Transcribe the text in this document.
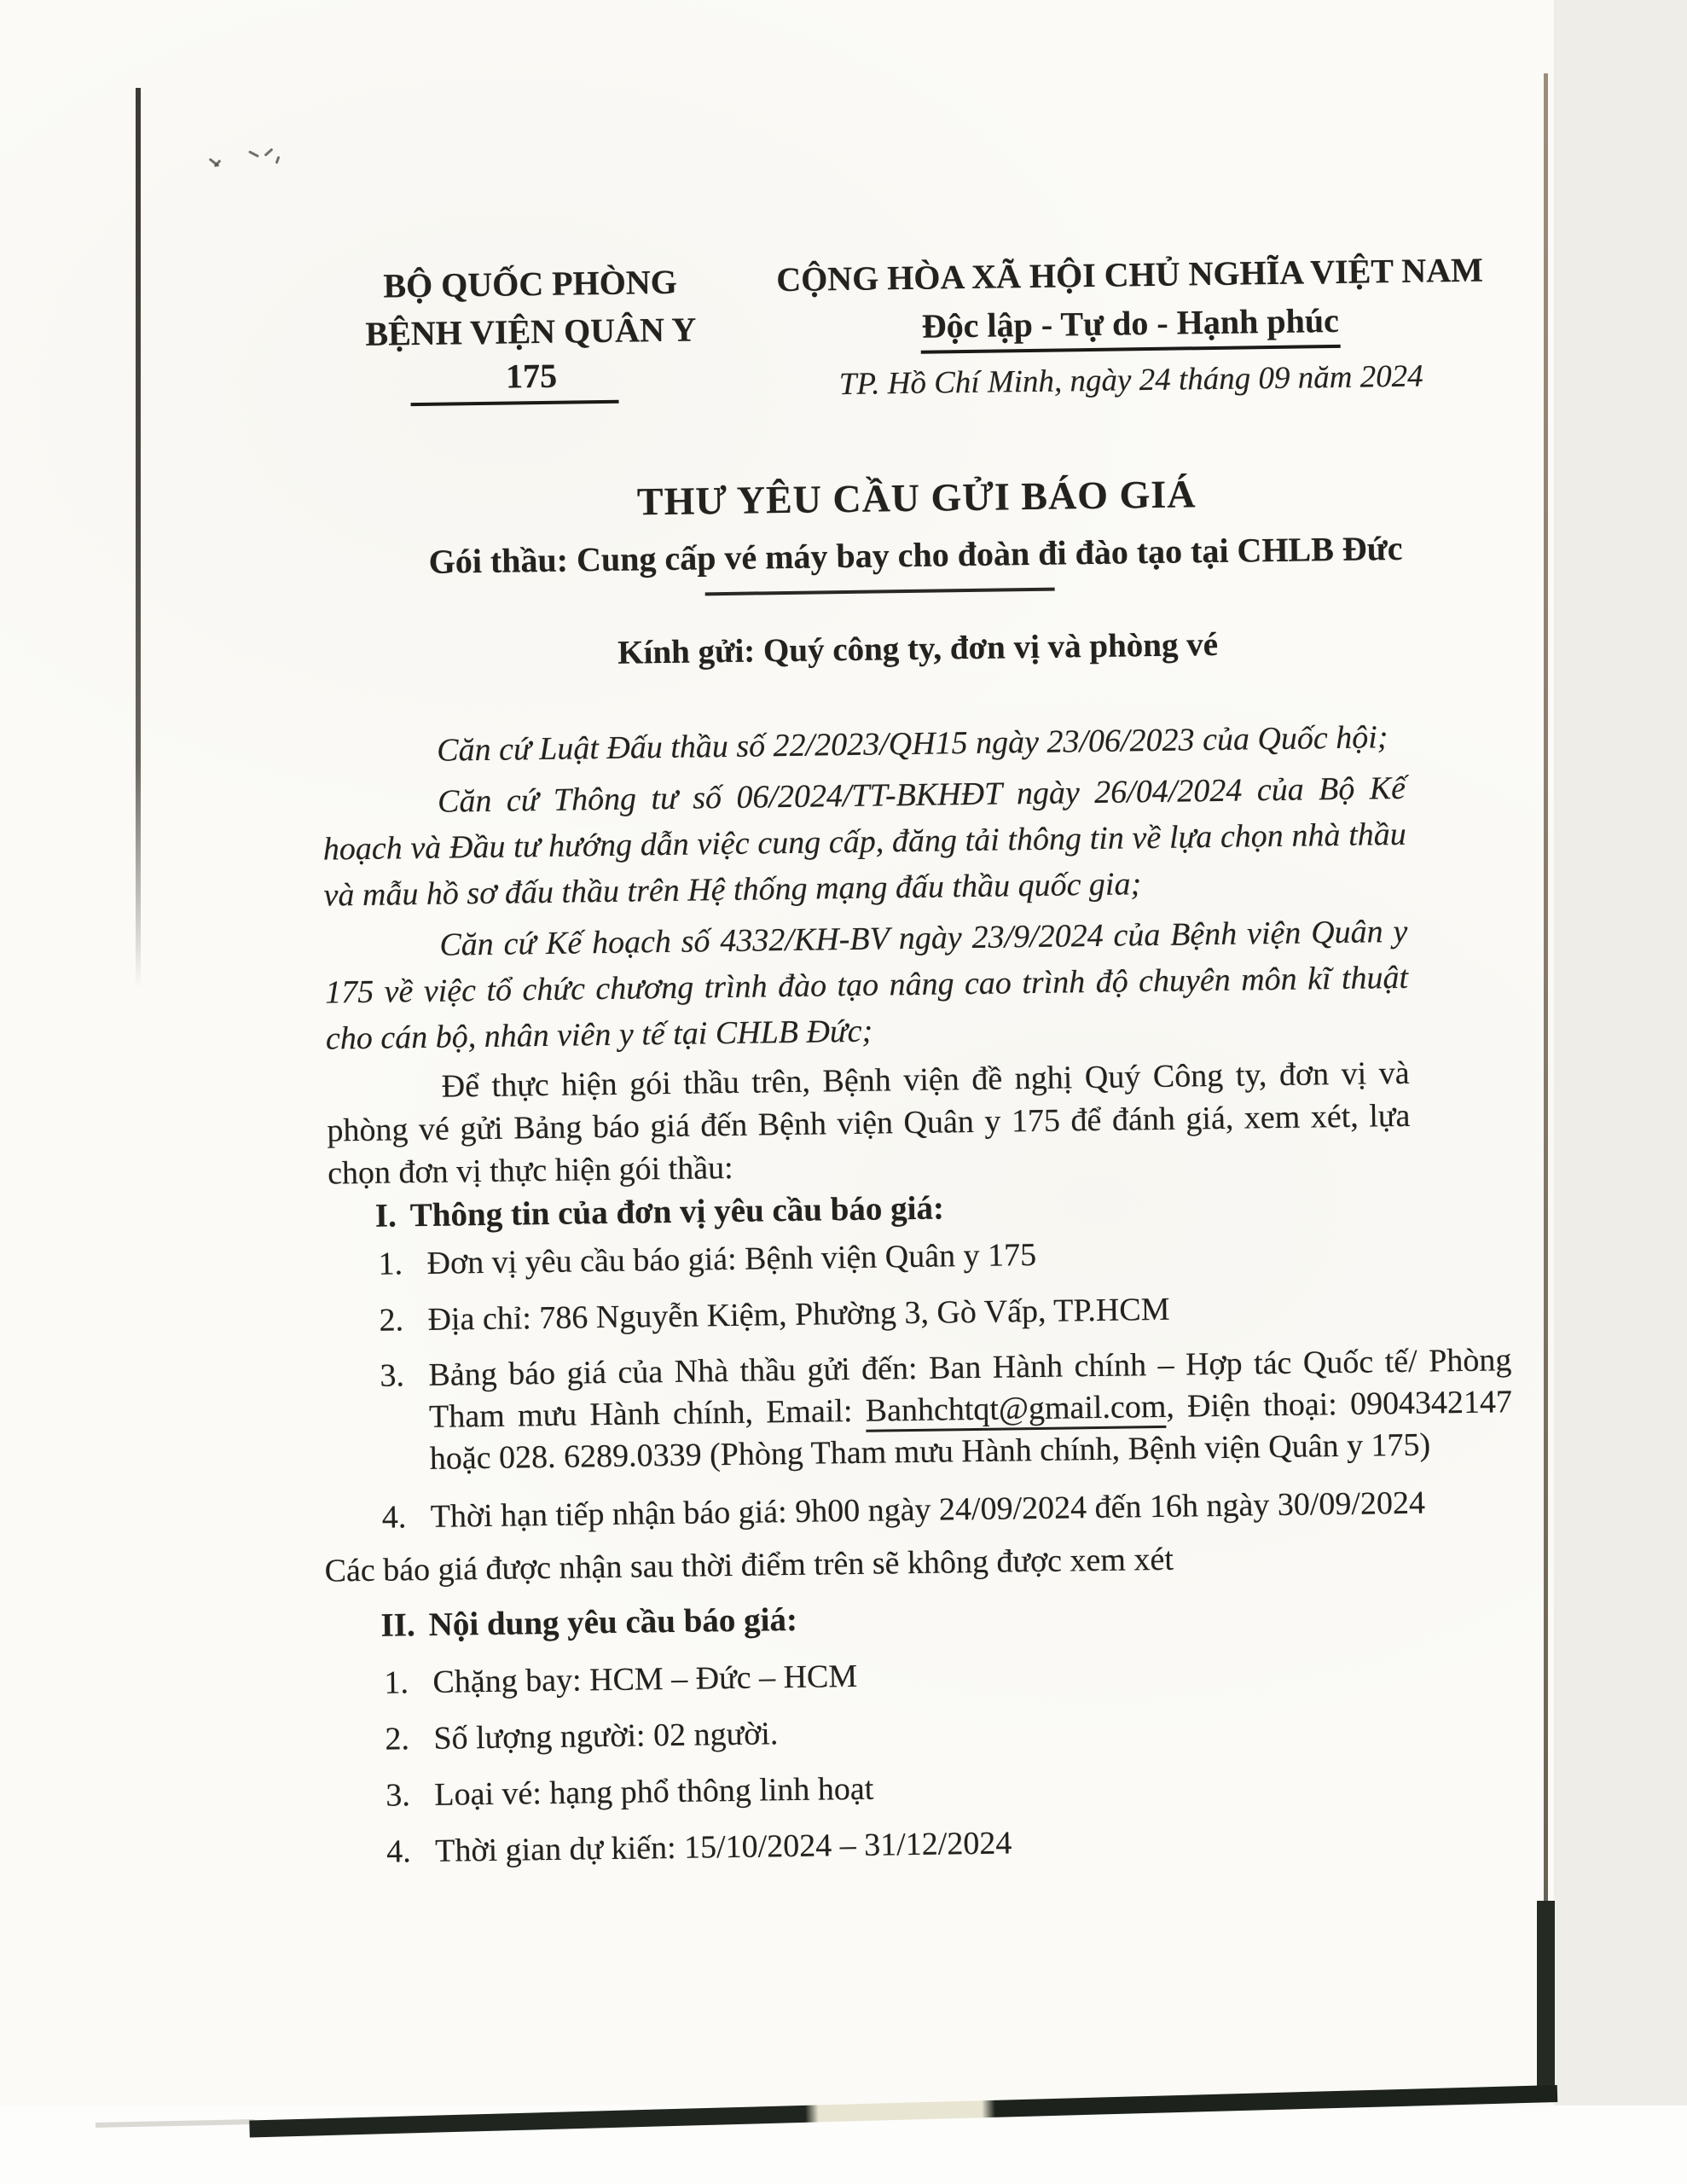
BỘ QUỐC PHÒNG
BỆNH VIỆN QUÂN Y 175
CỘNG HÒA XÃ HỘI CHỦ NGHĨA VIỆT NAM
Độc lập - Tự do - Hạnh phúc
TP. Hồ Chí Minh, ngày 24 tháng 09 năm 2024
THƯ YÊU CẦU GỬI BÁO GIÁ
Gói thầu: Cung cấp vé máy bay cho đoàn đi đào tạo tại CHLB Đức
Kính gửi: Quý công ty, đơn vị và phòng vé

Căn cứ Luật Đấu thầu số 22/2023/QH15 ngày 23/06/2023 của Quốc hội;

Căn cứ Thông tư số 06/2024/TT-BKHĐT ngày 26/04/2024 của Bộ Kế hoạch và Đầu tư hướng dẫn việc cung cấp, đăng tải thông tin về lựa chọn nhà thầu và mẫu hồ sơ đấu thầu trên Hệ thống mạng đấu thầu quốc gia;

Căn cứ Kế hoạch số 4332/KH-BV ngày 23/9/2024 của Bệnh viện Quân y 175 về việc tổ chức chương trình đào tạo nâng cao trình độ chuyên môn kĩ thuật cho cán bộ, nhân viên y tế tại CHLB Đức;

Để thực hiện gói thầu trên, Bệnh viện đề nghị Quý Công ty, đơn vị và phòng vé gửi Bảng báo giá đến Bệnh viện Quân y 175 để đánh giá, xem xét, lựa chọn đơn vị thực hiện gói thầu:
I. Thông tin của đơn vị yêu cầu báo giá:
1. Đơn vị yêu cầu báo giá: Bệnh viện Quân y 175
2. Địa chỉ: 786 Nguyễn Kiệm, Phường 3, Gò Vấp, TP.HCM
3. Bảng báo giá của Nhà thầu gửi đến: Ban Hành chính – Hợp tác Quốc tế/ Phòng Tham mưu Hành chính, Email: Banhchtqt@gmail.com, Điện thoại: 0904342147 hoặc 028. 6289.0339 (Phòng Tham mưu Hành chính, Bệnh viện Quân y 175)
4. Thời hạn tiếp nhận báo giá: 9h00 ngày 24/09/2024 đến 16h ngày 30/09/2024
Các báo giá được nhận sau thời điểm trên sẽ không được xem xét
II. Nội dung yêu cầu báo giá:
1. Chặng bay: HCM – Đức – HCM
2. Số lượng người: 02 người.
3. Loại vé: hạng phổ thông linh hoạt
4. Thời gian dự kiến: 15/10/2024 – 31/12/2024
